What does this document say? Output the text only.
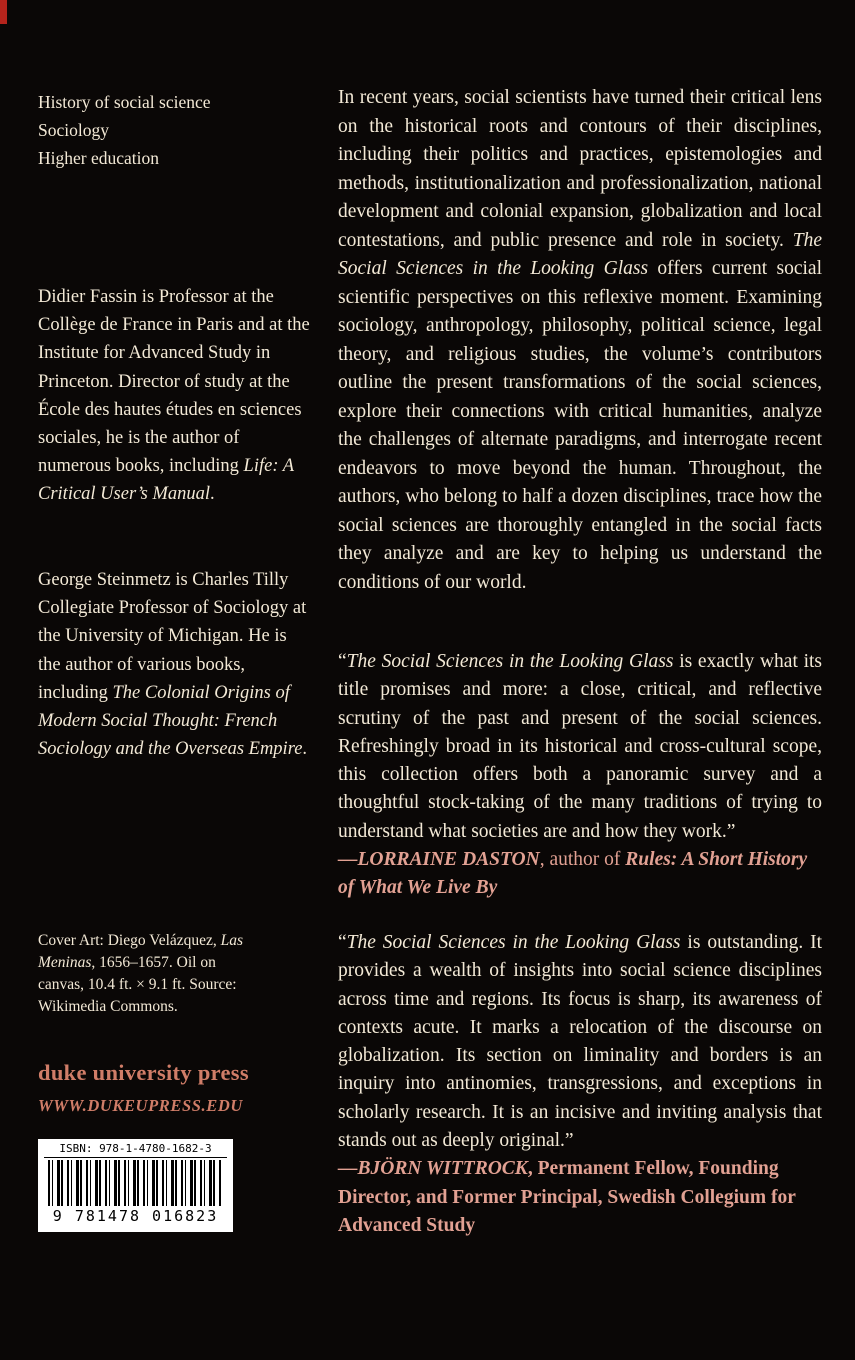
History of social science
Sociology
Higher education
Didier Fassin is Professor at the Collège de France in Paris and at the Institute for Advanced Study in Princeton. Director of study at the École des hautes études en sciences sociales, he is the author of numerous books, including Life: A Critical User’s Manual.
George Steinmetz is Charles Tilly Collegiate Professor of Sociology at the University of Michigan. He is the author of various books, including The Colonial Origins of Modern Social Thought: French Sociology and the Overseas Empire.
Cover Art: Diego Velázquez, Las Meninas, 1656–1657. Oil on canvas, 10.4 ft. × 9.1 ft. Source: Wikimedia Commons.
duke university press
WWW.DUKEUPRESS.EDU
ISBN: 978-1-4780-1682-3
9 781478 016823
In recent years, social scientists have turned their critical lens on the historical roots and contours of their disciplines, including their politics and practices, epistemologies and methods, institutionalization and professionalization, national development and colonial expansion, globalization and local contestations, and public presence and role in society. The Social Sciences in the Looking Glass offers current social scientific perspectives on this reflexive moment. Examining sociology, anthropology, philosophy, political science, legal theory, and religious studies, the volume’s contributors outline the present transformations of the social sciences, explore their connections with critical humanities, analyze the challenges of alternate paradigms, and interrogate recent endeavors to move beyond the human. Throughout, the authors, who belong to half a dozen disciplines, trace how the social sciences are thoroughly entangled in the social facts they analyze and are key to helping us understand the conditions of our world.
“The Social Sciences in the Looking Glass is exactly what its title promises and more: a close, critical, and reflective scrutiny of the past and present of the social sciences. Refreshingly broad in its historical and cross-cultural scope, this collection offers both a panoramic survey and a thoughtful stock-taking of the many traditions of trying to understand what societies are and how they work.”
—LORRAINE DASTON, author of Rules: A Short History of What We Live By
“The Social Sciences in the Looking Glass is outstanding. It provides a wealth of insights into social science disciplines across time and regions. Its focus is sharp, its awareness of contexts acute. It marks a relocation of the discourse on globalization. Its section on liminality and borders is an inquiry into antinomies, transgressions, and exceptions in scholarly research. It is an incisive and inviting analysis that stands out as deeply original.”
—BJÖRN WITTROCK, Permanent Fellow, Founding Director, and Former Principal, Swedish Collegium for Advanced Study
